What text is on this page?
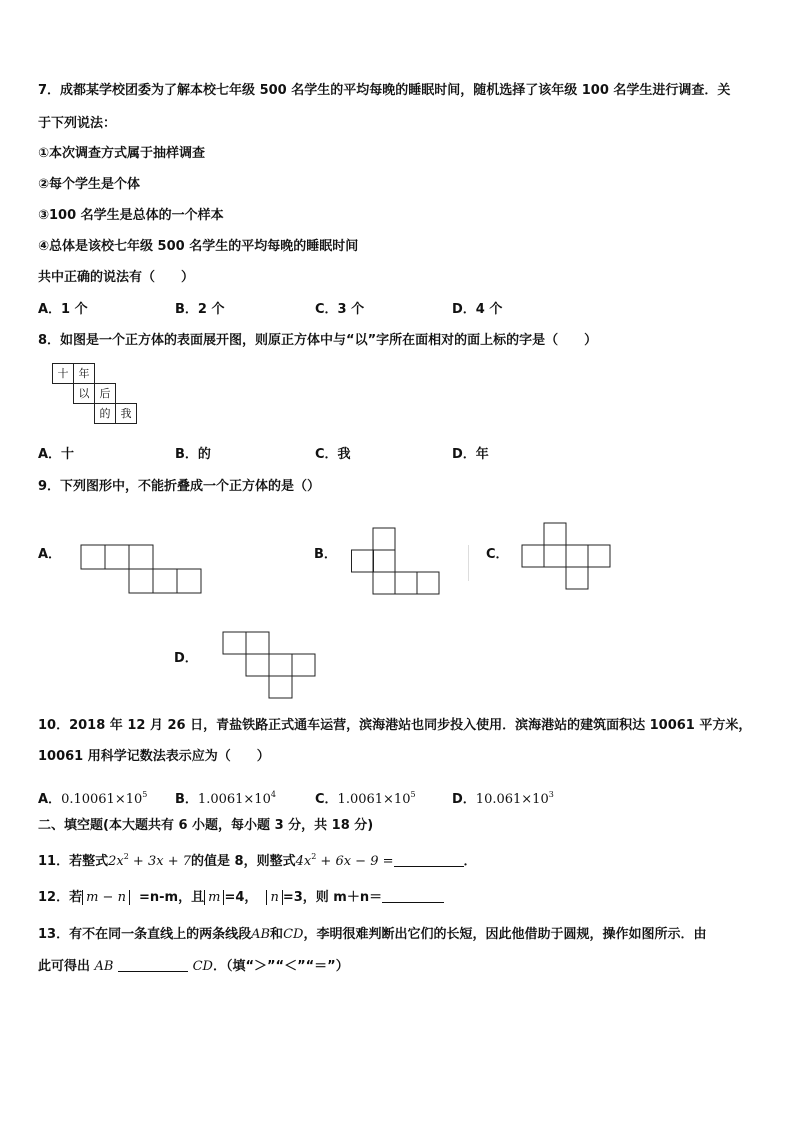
7．成都某学校团委为了解本校七年级 500 名学生的平均每晚的睡眠时间，随机选择了该年级 100 名学生进行调查．关
于下列说法：
①本次调查方式属于抽样调查
②每个学生是个体
③100 名学生是总体的一个样本
④总体是该校七年级 500 名学生的平均每晚的睡眠时间
共中正确的说法有（　　）
A．1 个	B．2 个	C．3 个	D．4 个
8．如图是一个正方体的表面展开图，则原正方体中与“以”字所在面相对的面上标的字是（　　）
十 年
以 后
的 我
A．十	B．的	C．我	D．年
9．下列图形中，不能折叠成一个正方体的是（）
A．	B．	C．
D．
10．2018 年 12 月 26 日，青盐铁路正式通车运营，滨海港站也同步投入使用．滨海港站的建筑面积达 10061 平方米，
10061 用科学记数法表示应为（　　）
A．$0.10061\times 10^5$ B．$1.0061\times 10^4$	C．$1.0061\times 10^5$	D．$10.061\times 10^3$
二、填空题(本大题共有 6 小题，每小题 3 分，共 18 分)
11．若整式$2x^2 + 3x + 7$的值是 8，则整式$4x^2 + 6x - 9$ =	．
12．若 m − n =n-m，且 m =4， n =3，则 m＋n＝
13．有不在同一条直线上的两条线段AB和CD，李明很难判断出它们的长短，因此他借助于圆规，操作如图所示．由
此可得出 AB	CD．（填“＞”“＜”“＝”）
